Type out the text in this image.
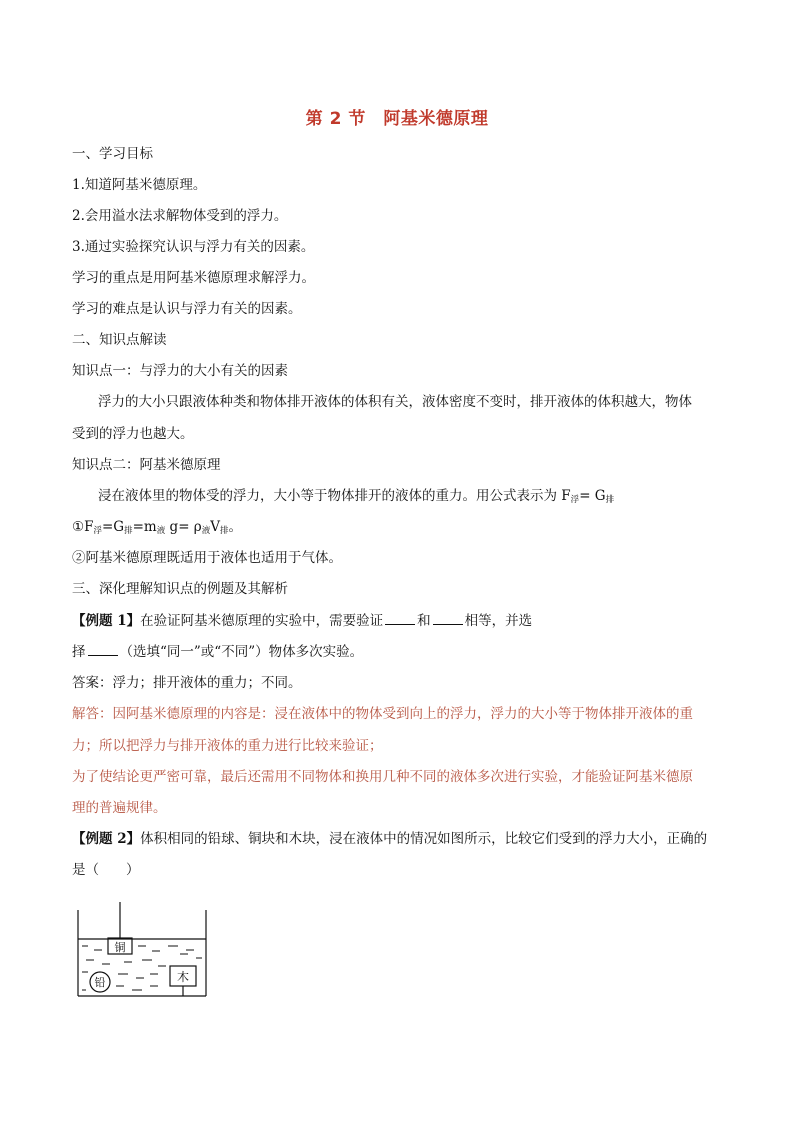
第 2 节　阿基米德原理
一、学习目标
1.知道阿基米德原理。
2.会用溢水法求解物体受到的浮力。
3.通过实验探究认识与浮力有关的因素。
学习的重点是用阿基米德原理求解浮力。
学习的难点是认识与浮力有关的因素。
二、知识点解读
知识点一：与浮力的大小有关的因素
浮力的大小只跟液体种类和物体排开液体的体积有关，液体密度不变时，排开液体的体积越大，物体
受到的浮力也越大。
知识点二：阿基米德原理
浸在液体里的物体受的浮力，大小等于物体排开的液体的重力。用公式表示为 $F_浮= G_排$
$①F_浮=G_排=m_液$ $g= \rho_液V_排$。
②阿基米德原理既适用于液体也适用于气体。
三、深化理解知识点的例题及其解析
【例题 1】在验证阿基米德原理的实验中，需要验证	和	相等，并选
择	（选填“同一”或“不同”）物体多次实验。
答案：浮力；排开液体的重力；不同。
解答：因阿基米德原理的内容是：浸在液体中的物体受到向上的浮力，浮力的大小等于物体排开液体的重
力；所以把浮力与排开液体的重力进行比较来验证；
为了使结论更严密可靠，最后还需用不同物体和换用几种不同的液体多次进行实验，才能验证阿基米德原
理的普遍规律。
【例题 2】体积相同的铅球、铜块和木块，浸在液体中的情况如图所示，比较它们受到的浮力大小，正确的
是（　　）
铜
木
铅
